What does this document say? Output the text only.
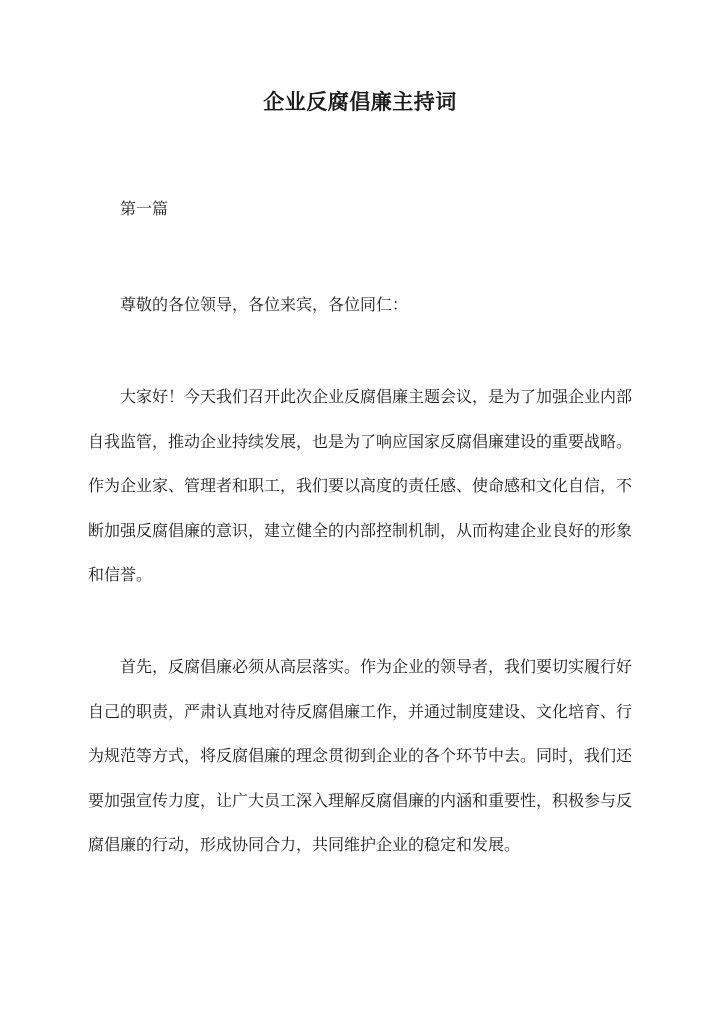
企业反腐倡廉主持词

第一篇

尊敬的各位领导，各位来宾，各位同仁：

大家好！今天我们召开此次企业反腐倡廉主题会议，是为了加强企业内部自我监管，推动企业持续发展，也是为了响应国家反腐倡廉建设的重要战略。作为企业家、管理者和职工，我们要以高度的责任感、使命感和文化自信，不断加强反腐倡廉的意识，建立健全的内部控制机制，从而构建企业良好的形象和信誉。

首先，反腐倡廉必须从高层落实。作为企业的领导者，我们要切实履行好自己的职责，严肃认真地对待反腐倡廉工作，并通过制度建设、文化培育、行为规范等方式，将反腐倡廉的理念贯彻到企业的各个环节中去。同时，我们还要加强宣传力度，让广大员工深入理解反腐倡廉的内涵和重要性，积极参与反腐倡廉的行动，形成协同合力，共同维护企业的稳定和发展。
